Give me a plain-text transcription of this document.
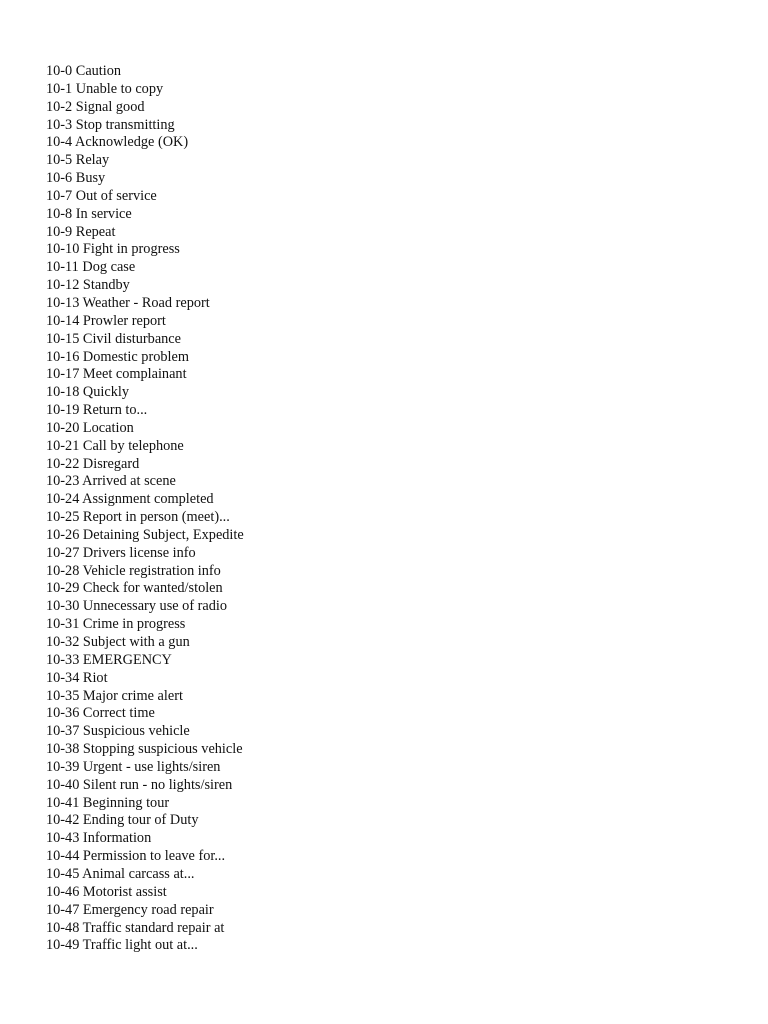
10-0 Caution
10-1 Unable to copy
10-2 Signal good
10-3 Stop transmitting
10-4 Acknowledge (OK)
10-5 Relay
10-6 Busy
10-7 Out of service
10-8 In service
10-9 Repeat
10-10 Fight in progress
10-11 Dog case
10-12 Standby
10-13 Weather - Road report
10-14 Prowler report
10-15 Civil disturbance
10-16 Domestic problem
10-17 Meet complainant
10-18 Quickly
10-19 Return to...
10-20 Location
10-21 Call by telephone
10-22 Disregard
10-23 Arrived at scene
10-24 Assignment completed
10-25 Report in person (meet)...
10-26 Detaining Subject, Expedite
10-27 Drivers license info
10-28 Vehicle registration info
10-29 Check for wanted/stolen
10-30 Unnecessary use of radio
10-31 Crime in progress
10-32 Subject with a gun
10-33 EMERGENCY
10-34 Riot
10-35 Major crime alert
10-36 Correct time
10-37 Suspicious vehicle
10-38 Stopping suspicious vehicle
10-39 Urgent - use lights/siren
10-40 Silent run - no lights/siren
10-41 Beginning tour
10-42 Ending tour of Duty
10-43 Information
10-44 Permission to leave for...
10-45 Animal carcass at...
10-46 Motorist assist
10-47 Emergency road repair
10-48 Traffic standard repair at
10-49 Traffic light out at...
